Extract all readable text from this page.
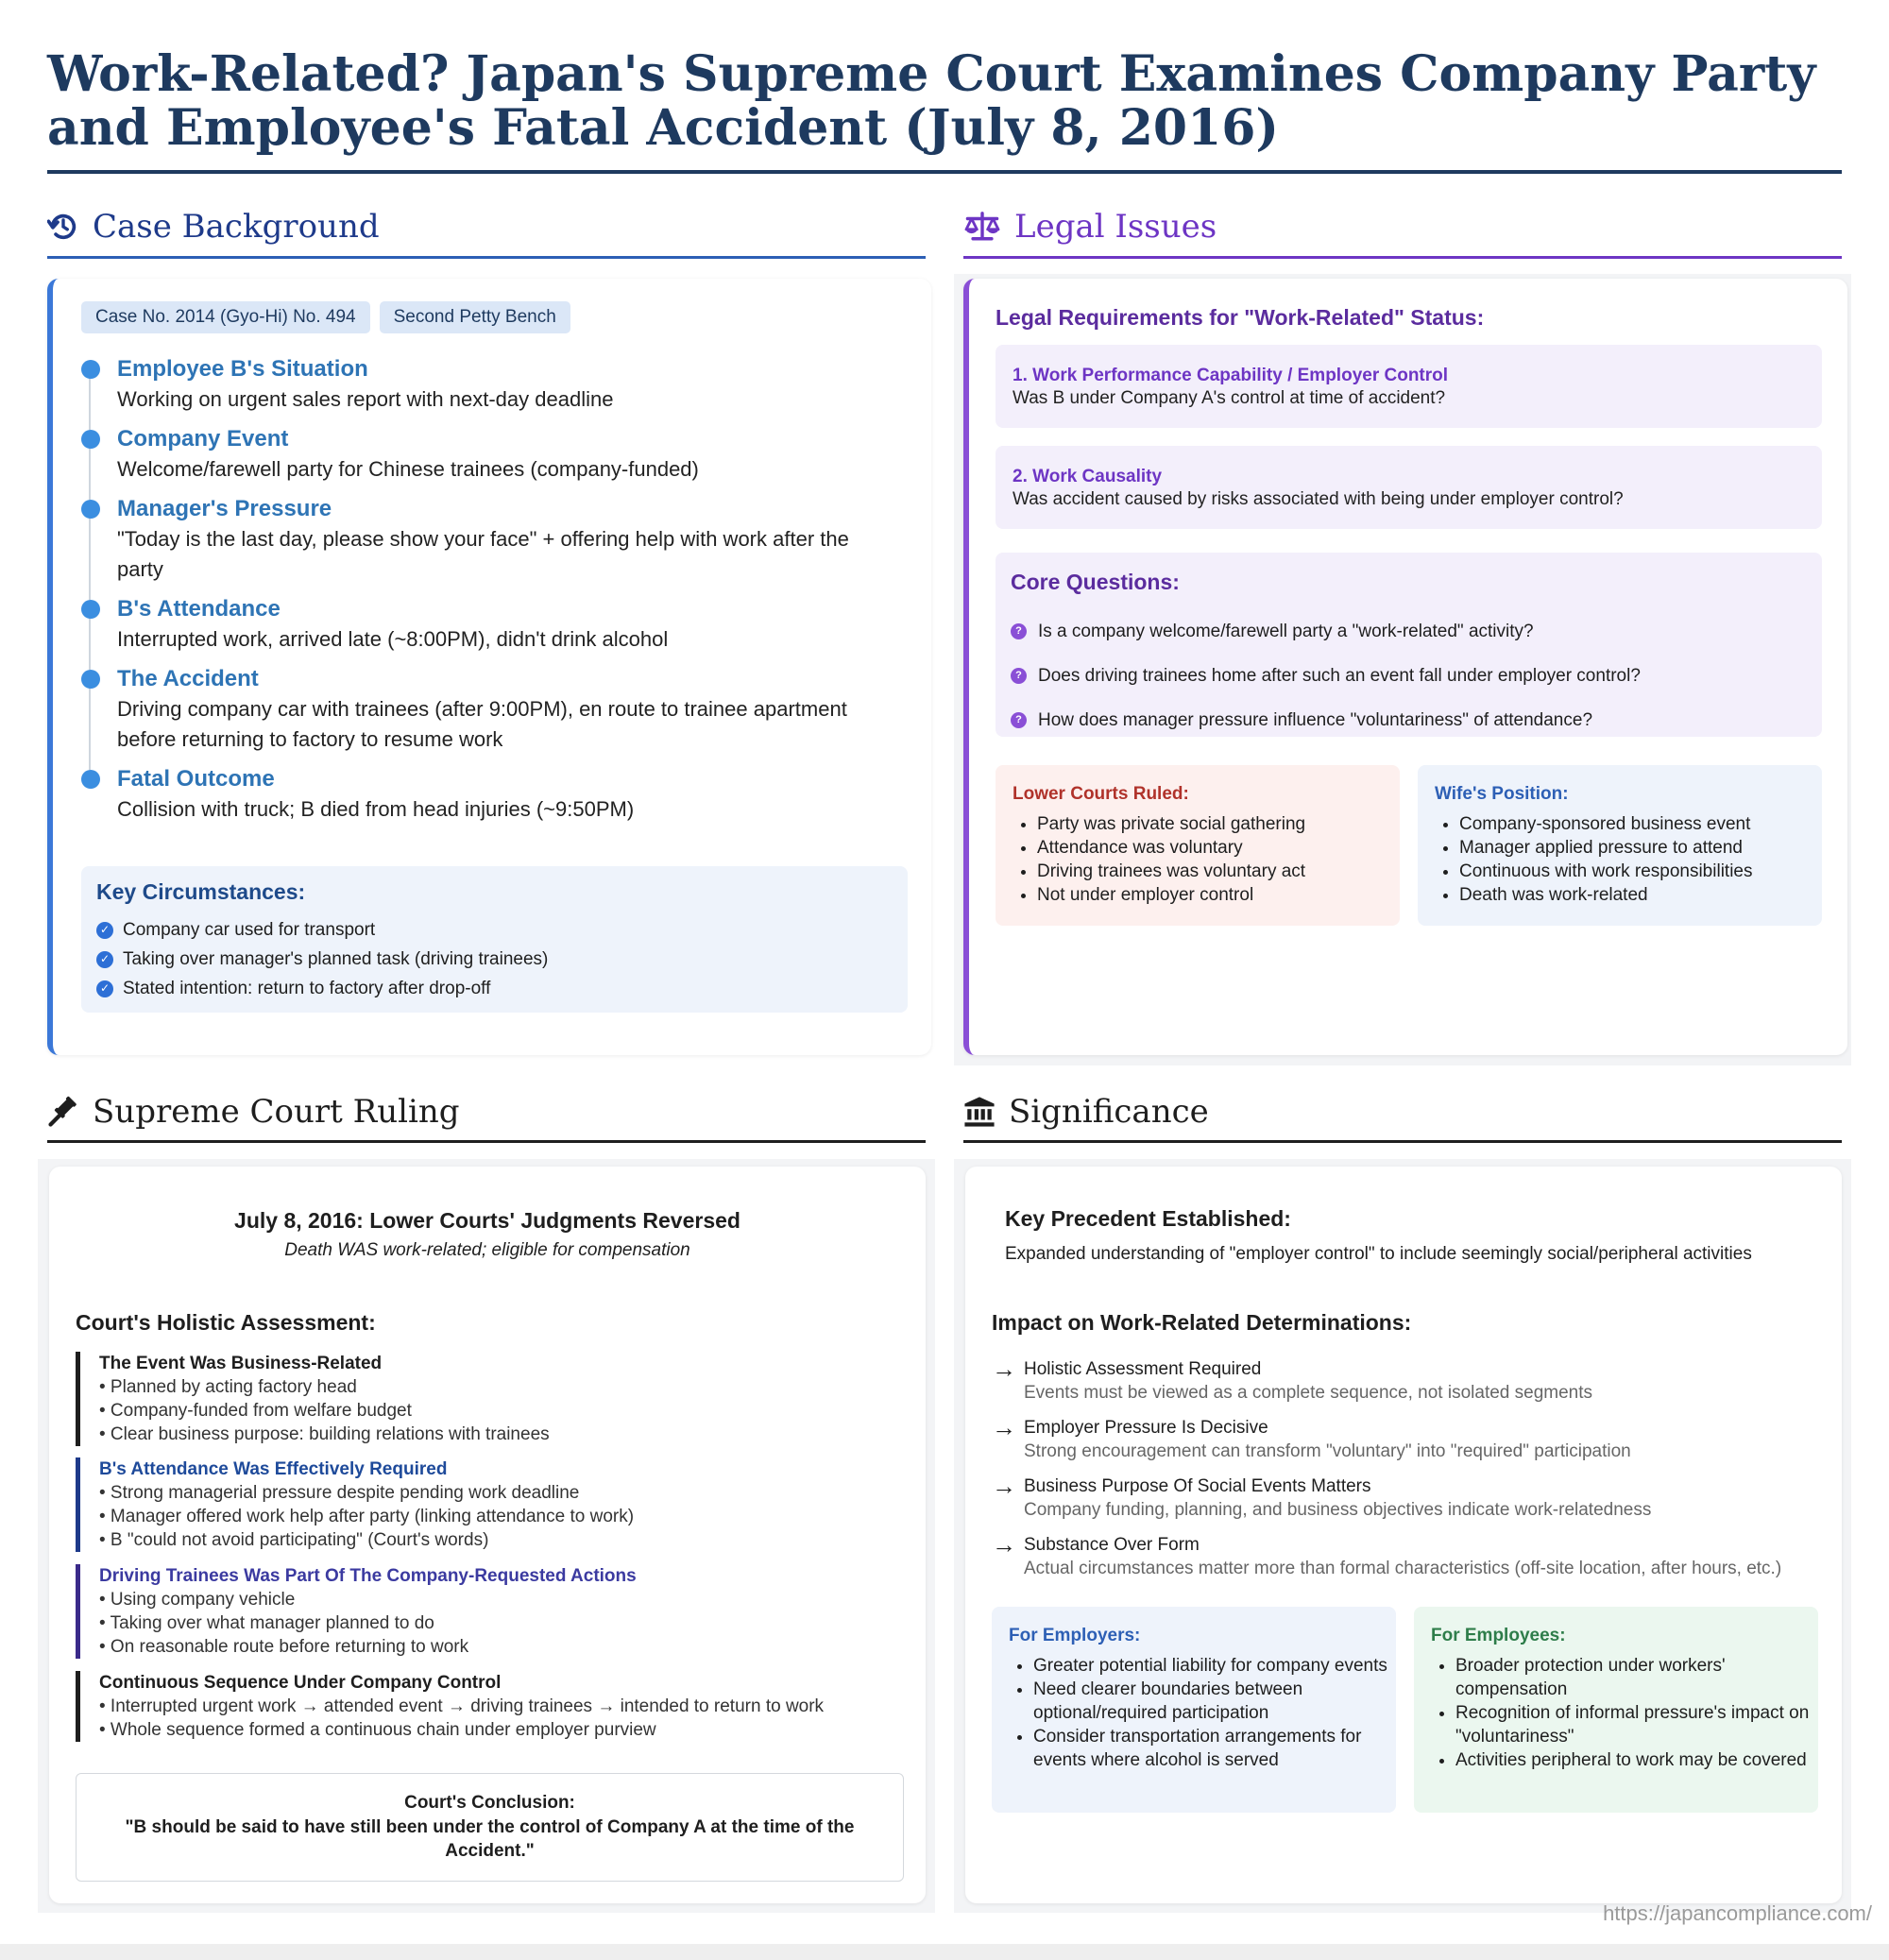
Work-Related? Japan's Supreme Court Examines Company Party and Employee's Fatal Accident (July 8, 2016)
Case Background
Case No. 2014 (Gyo-Hi) No. 494 Second Petty Bench
Employee B's Situation
Working on urgent sales report with next-day deadline
Company Event
Welcome/farewell party for Chinese trainees (company-funded)
Manager's Pressure
"Today is the last day, please show your face" + offering help with work after the party
B's Attendance
Interrupted work, arrived late (~8:00PM), didn't drink alcohol
The Accident
Driving company car with trainees (after 9:00PM), en route to trainee apartment before returning to factory to resume work
Fatal Outcome
Collision with truck; B died from head injuries (~9:50PM)
Key Circumstances:
✓ Company car used for transport
✓ Taking over manager's planned task (driving trainees)
✓ Stated intention: return to factory after drop-off
Legal Issues
Legal Requirements for "Work-Related" Status:
1. Work Performance Capability / Employer Control
Was B under Company A's control at time of accident?
2. Work Causality
Was accident caused by risks associated with being under employer control?
Core Questions:
? Is a company welcome/farewell party a "work-related" activity?
? Does driving trainees home after such an event fall under employer control?
? How does manager pressure influence "voluntariness" of attendance?
Lower Courts Ruled:
• Party was private social gathering
• Attendance was voluntary
• Driving trainees was voluntary act
• Not under employer control
Wife's Position:
• Company-sponsored business event
• Manager applied pressure to attend
• Continuous with work responsibilities
• Death was work-related
Supreme Court Ruling
July 8, 2016: Lower Courts' Judgments Reversed
Death WAS work-related; eligible for compensation
Court's Holistic Assessment:
The Event Was Business-Related
• Planned by acting factory head
• Company-funded from welfare budget
• Clear business purpose: building relations with trainees
B's Attendance Was Effectively Required
• Strong managerial pressure despite pending work deadline
• Manager offered work help after party (linking attendance to work)
• B "could not avoid participating" (Court's words)
Driving Trainees Was Part Of The Company-Requested Actions
• Using company vehicle
• Taking over what manager planned to do
• On reasonable route before returning to work
Continuous Sequence Under Company Control
• Interrupted urgent work → attended event → driving trainees → intended to return to work
• Whole sequence formed a continuous chain under employer purview
Court's Conclusion:
"B should be said to have still been under the control of Company A at the time of the Accident."
Significance
Key Precedent Established:
Expanded understanding of "employer control" to include seemingly social/peripheral activities
Impact on Work-Related Determinations:
→ Holistic Assessment Required
Events must be viewed as a complete sequence, not isolated segments
→ Employer Pressure Is Decisive
Strong encouragement can transform "voluntary" into "required" participation
→ Business Purpose Of Social Events Matters
Company funding, planning, and business objectives indicate work-relatedness
→ Substance Over Form
Actual circumstances matter more than formal characteristics (off-site location, after hours, etc.)
For Employers:
• Greater potential liability for company events
• Need clearer boundaries between optional/required participation
• Consider transportation arrangements for events where alcohol is served
For Employees:
• Broader protection under workers' compensation
• Recognition of informal pressure's impact on "voluntariness"
• Activities peripheral to work may be covered
https://japancompliance.com/
